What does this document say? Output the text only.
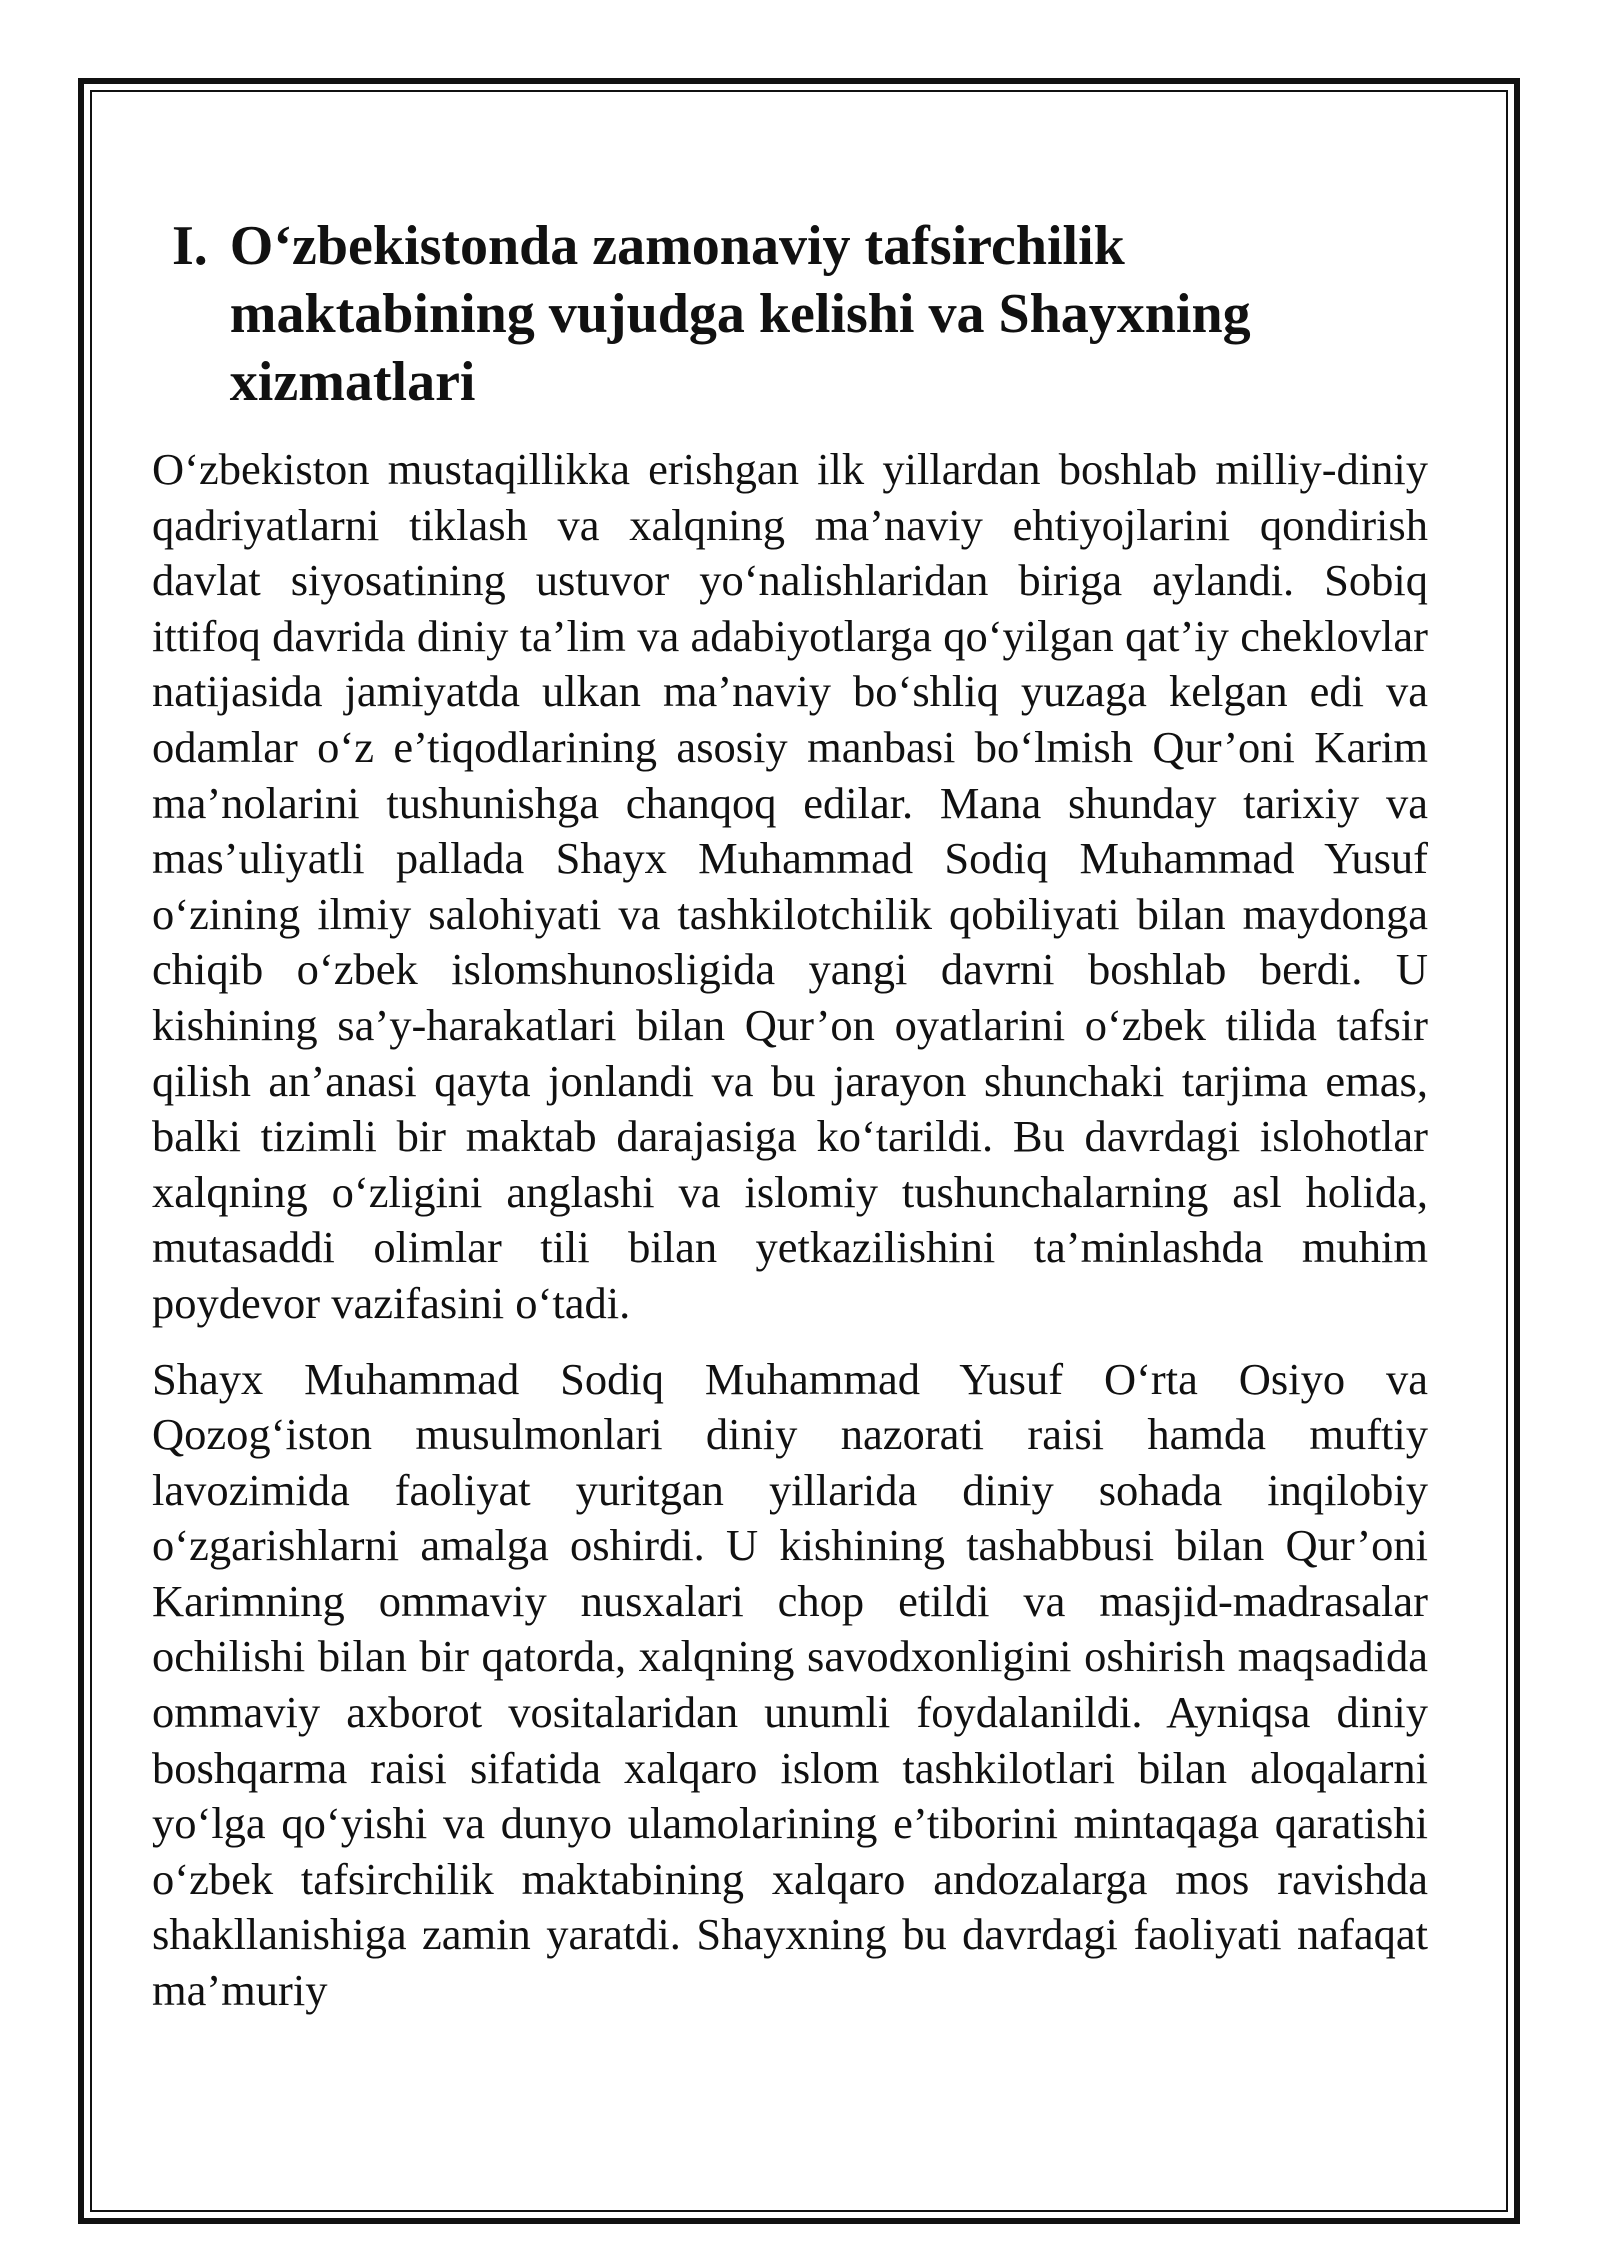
I. O‘zbekistonda zamonaviy tafsirchilik maktabining vujudga kelishi va Shayxning xizmatlari

O‘zbekiston mustaqillikka erishgan ilk yillardan boshlab milliy-diniy qadriyatlarni tiklash va xalqning ma’naviy ehtiyojlarini qondirish davlat siyosatining ustuvor yo‘nalishlaridan biriga aylandi. Sobiq ittifoq davrida diniy ta’lim va adabiyotlarga qo‘yilgan qat’iy cheklovlar natijasida jamiyatda ulkan ma’naviy bo‘shliq yuzaga kelgan edi va odamlar o‘z e’tiqodlarining asosiy manbasi bo‘lmish Qur’oni Karim ma’nolarini tushunishga chanqoq edilar. Mana shunday tarixiy va mas’uliyatli pallada Shayx Muhammad Sodiq Muhammad Yusuf o‘zining ilmiy salohiyati va tashkilotchilik qobiliyati bilan maydonga chiqib o‘zbek islomshunosligida yangi davrni boshlab berdi. U kishining sa’y-harakatlari bilan Qur’on oyatlarini o‘zbek tilida tafsir qilish an’anasi qayta jonlandi va bu jarayon shunchaki tarjima emas, balki tizimli bir maktab darajasiga ko‘tarildi. Bu davrdagi islohotlar xalqning o‘zligini anglashi va islomiy tushunchalarning asl holida, mutasaddi olimlar tili bilan yetkazilishini ta’minlashda muhim poydevor vazifasini o‘tadi.

Shayx Muhammad Sodiq Muhammad Yusuf O‘rta Osiyo va Qozog‘iston musulmonlari diniy nazorati raisi hamda muftiy lavozimida faoliyat yuritgan yillarida diniy sohada inqilobiy o‘zgarishlarni amalga oshirdi. U kishining tashabbusi bilan Qur’oni Karimning ommaviy nusxalari chop etildi va masjid-madrasalar ochilishi bilan bir qatorda, xalqning savodxonligini oshirish maqsadida ommaviy axborot vositalaridan unumli foydalanildi. Ayniqsa diniy boshqarma raisi sifatida xalqaro islom tashkilotlari bilan aloqalarni yo‘lga qo‘yishi va dunyo ulamolarining e’tiborini mintaqaga qaratishi o‘zbek tafsirchilik maktabining xalqaro andozalarga mos ravishda shakllanishiga zamin yaratdi. Shayxning bu davrdagi faoliyati nafaqat ma’muriy
